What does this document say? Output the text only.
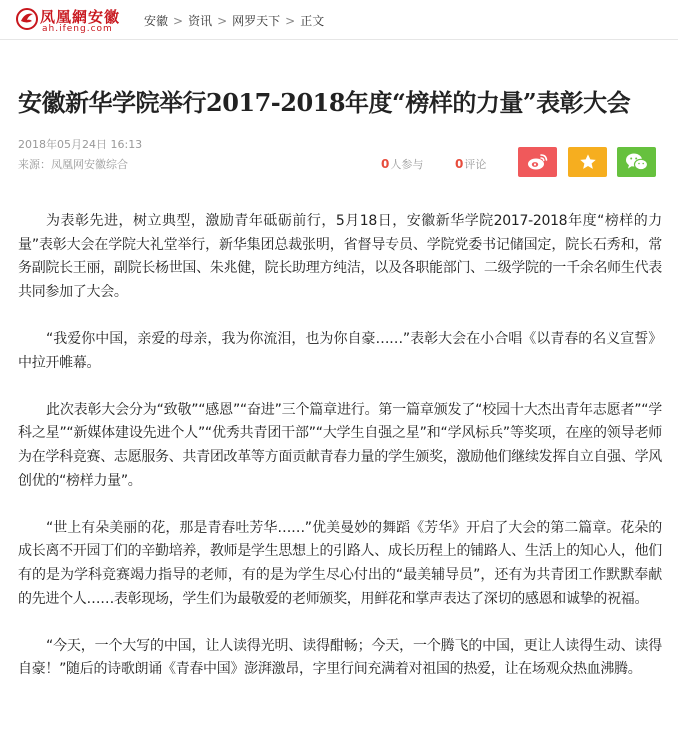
凤凰網安徽
ah.ifeng.com
安徽 > 资讯 > 网罗天下 > 正文
安徽新华学院举行2017-2018年度“榜样的力量”表彰大会
2018年05月24日 16:13
来源：凤凰网安徽综合	0人参与	0评论

为表彰先进，树立典型，激励青年砥砺前行，5月18日，安徽新华学院2017-2018年度“榜样的力量”表彰大会在学院大礼堂举行，新华集团总裁张明，省督导专员、学院党委书记储国定，院长石秀和，常务副院长王丽，副院长杨世国、朱兆健，院长助理方纯洁，以及各职能部门、二级学院的一千余名师生代表共同参加了大会。

“我爱你中国，亲爱的母亲，我为你流泪，也为你自豪……”表彰大会在小合唱《以青春的名义宣誓》中拉开帷幕。

此次表彰大会分为“致敬”“感恩”“奋进”三个篇章进行。第一篇章颁发了“校园十大杰出青年志愿者”“学科之星”“新媒体建设先进个人”“优秀共青团干部”“大学生自强之星”和“学风标兵”等奖项，在座的领导老师为在学科竞赛、志愿服务、共青团改革等方面贡献青春力量的学生颁奖，激励他们继续发挥自立自强、学风创优的“榜样力量”。

“世上有朵美丽的花，那是青春吐芳华……”优美曼妙的舞蹈《芳华》开启了大会的第二篇章。花朵的成长离不开园丁们的辛勤培养，教师是学生思想上的引路人、成长历程上的铺路人、生活上的知心人，他们有的是为学科竞赛竭力指导的老师，有的是为学生尽心付出的“最美辅导员”，还有为共青团工作默默奉献的先进个人……表彰现场，学生们为最敬爱的老师颁奖，用鲜花和掌声表达了深切的感恩和诚挚的祝福。

“今天，一个大写的中国，让人读得光明、读得酣畅；今天，一个腾飞的中国，更让人读得生动、读得自豪！”随后的诗歌朗诵《青春中国》澎湃激昂，字里行间充满着对祖国的热爱，让在场观众热血沸腾。
